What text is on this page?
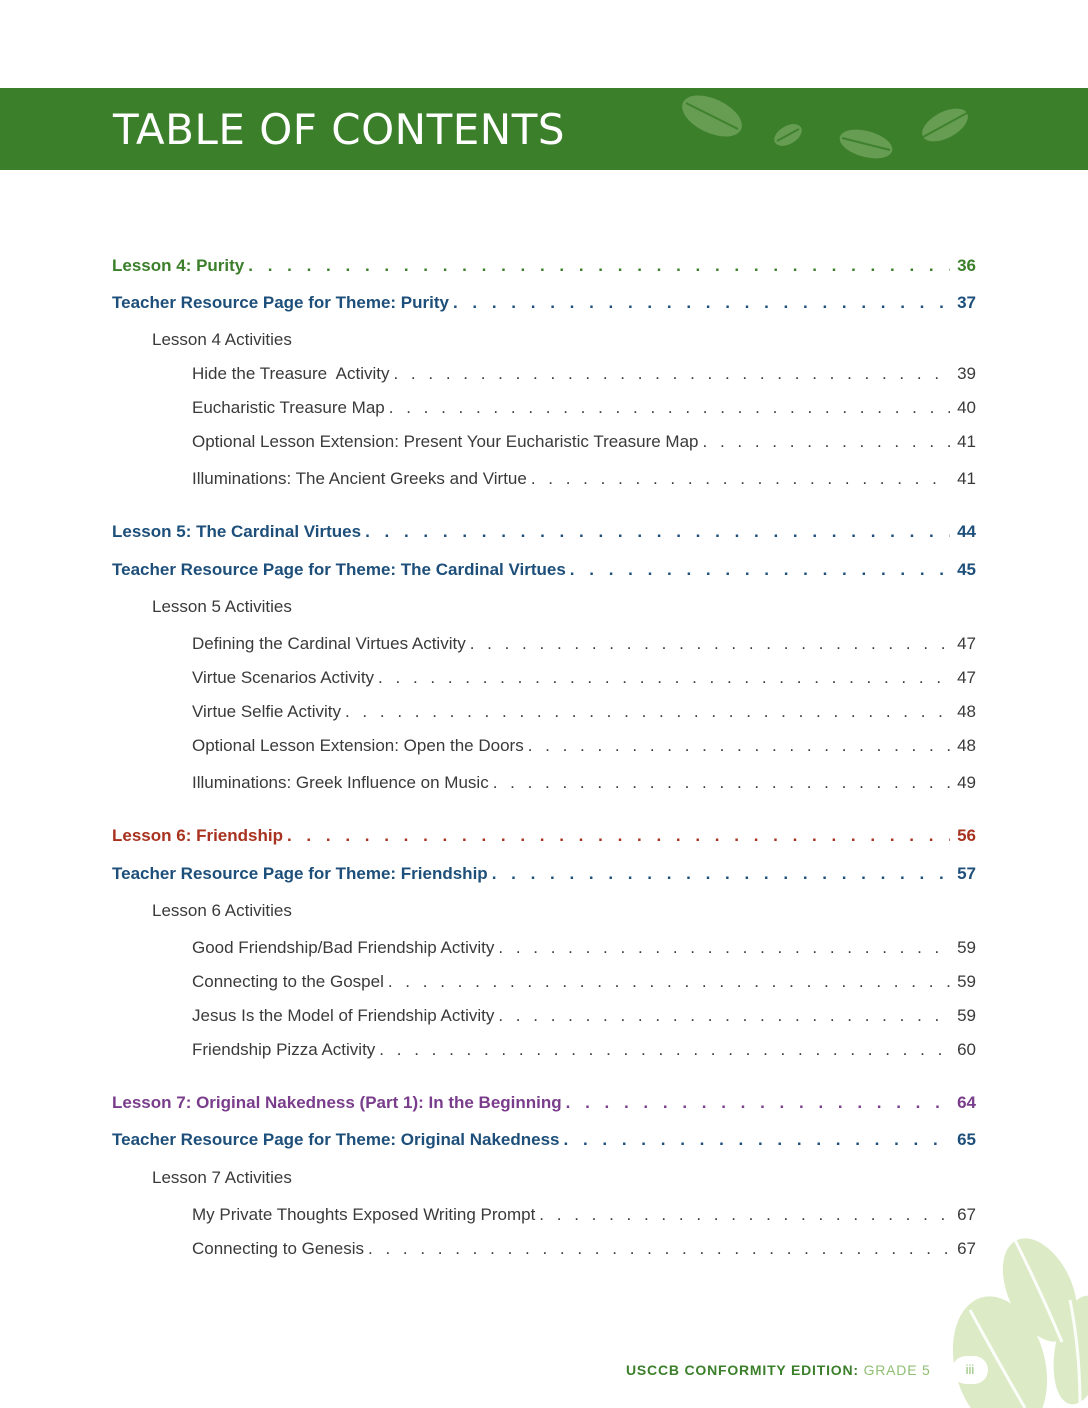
TABLE OF CONTENTS
Lesson 4: Purity . . .	36
Teacher Resource Page for Theme: Purity . . .	37
Lesson 4 Activities
Hide the Treasure  Activity . . .	39
Eucharistic Treasure Map . . .	40
Optional Lesson Extension: Present Your Eucharistic Treasure Map . . .	41
Illuminations: The Ancient Greeks and Virtue . . .	41
Lesson 5: The Cardinal Virtues . . .	44
Teacher Resource Page for Theme: The Cardinal Virtues . . .	45
Lesson 5 Activities
Defining the Cardinal Virtues Activity . . .	47
Virtue Scenarios Activity . . .	47
Virtue Selfie Activity . . .	48
Optional Lesson Extension: Open the Doors . . .	48
Illuminations: Greek Influence on Music . . .	49
Lesson 6: Friendship . . .	56
Teacher Resource Page for Theme: Friendship . . .	57
Lesson 6 Activities
Good Friendship/Bad Friendship Activity . . .	59
Connecting to the Gospel . . .	59
Jesus Is the Model of Friendship Activity . . .	59
Friendship Pizza Activity . . .	60
Lesson 7: Original Nakedness (Part 1): In the Beginning . . .	64
Teacher Resource Page for Theme: Original Nakedness . . .	65
Lesson 7 Activities
My Private Thoughts Exposed Writing Prompt . . .	67
Connecting to Genesis . . .	67
USCCB CONFORMITY EDITION: GRADE 5	iii
